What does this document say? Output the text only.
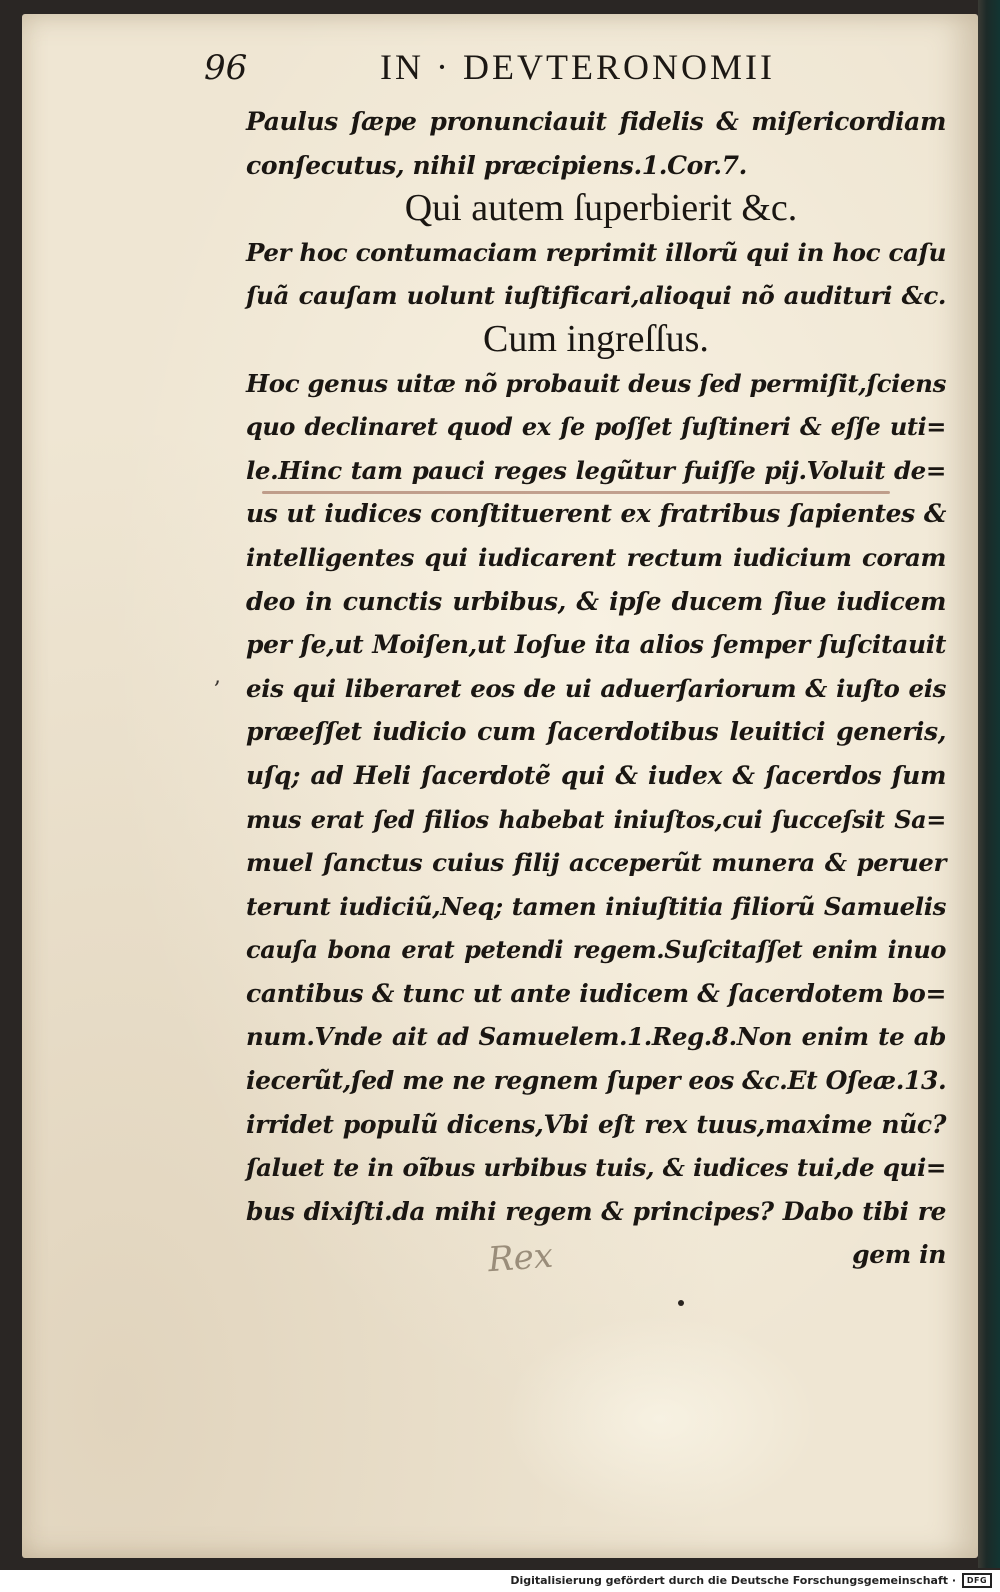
96	IN · DEVTERONOMII
,
Paulus ſæpe pronunciauit fidelis & miſericordiam
conſecutus, nihil præcipiens.1.Cor.7.
Qui autem ſuperbierit &c.
Per hoc contumaciam reprimit illorũ qui in hoc caſu
ſuã cauſam uolunt iuſtificari,alioqui nõ audituri &c.
Cum ingreſſus.
Hoc genus uitæ nõ probauit deus ſed permiſit,ſciens
quo declinaret quod ex ſe poſſet ſuſtineri & eſſe uti=
le.Hinc tam pauci reges legũtur fuiſſe pij.Voluit de=
us ut iudices conſtituerent ex fratribus ſapientes &
intelligentes qui iudicarent rectum iudicium coram
deo in cunctis urbibus, & ipſe ducem ſiue iudicem
per ſe,ut Moiſen,ut Ioſue ita alios ſemper ſuſcitauit
eis qui liberaret eos de ui aduerſariorum & iuſto eis
præeſſet iudicio cum ſacerdotibus leuitici generis,
uſq; ad Heli ſacerdotẽ qui & iudex & ſacerdos ſum
mus erat ſed filios habebat iniuſtos,cui ſucceſsit Sa=
muel ſanctus cuius filij acceperũt munera & peruer
terunt iudiciũ,Neq; tamen iniuſtitia filiorũ Samuelis
cauſa bona erat petendi regem.Suſcitaſſet enim inuo
cantibus & tunc ut ante iudicem & ſacerdotem bo=
num.Vnde ait ad Samuelem.1.Reg.8.Non enim te ab
iecerũt,ſed me ne regnem ſuper eos &c.Et Oſeæ.13.
irridet populũ dicens,Vbi eſt rex tuus,maxime nũc?
ſaluet te in oĩbus urbibus tuis, & iudices tui,de qui=
bus dixiſti.da mihi regem & principes? Dabo tibi re
gem in
Rex
Digitalisierung gefördert durch die Deutsche Forschungsgemeinschaft ·	DFG
